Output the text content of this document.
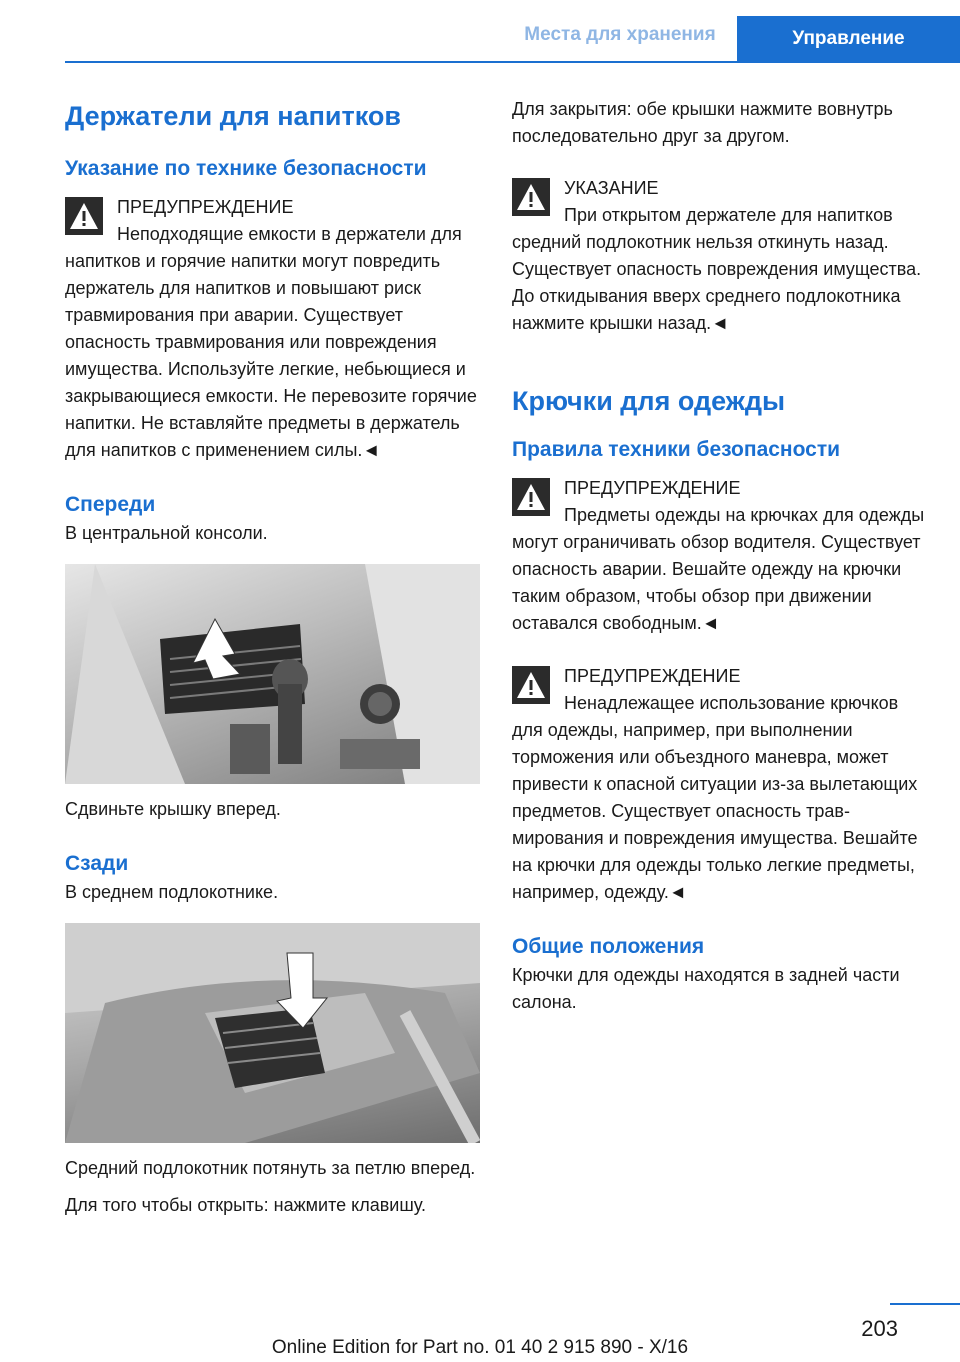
Места для хранения	Управление
Держатели для напитков
Указание по технике безопасности
ПРЕДУПРЕЖДЕНИЕ
Неподходящие емкости в держатели для напитков и горячие напитки могут повредить держатель для напитков и повышают риск травмирования при аварии. Существует опасность травмирования или повреждения имущества. Используйте легкие, небьющиеся и закрывающиеся емкости. Не перевозите горячие напитки. Не вставляйте предметы в держатель для напитков с применением силы.◄
Спереди

В центральной консоли.

Сдвиньте крышку вперед.

Сзади

В среднем подлокотнике.

Средний подлокотник потянуть за петлю вперед.

Для того чтобы открыть: нажмите клавишу.

Для закрытия: обе крышки нажмите вовнутрь последовательно друг за другом.

УКАЗАНИЕ
При открытом держателе для напитков средний подлокотник нельзя откинуть назад. Существует опасность повреждения имущества. До откидывания вверх среднего подлокотника нажмите крышки назад.◄
Крючки для одежды
Правила техники безопасности
ПРЕДУПРЕЖДЕНИЕ
Предметы одежды на крючках для одежды могут ограничивать обзор водителя. Существует опасность аварии. Вешайте одежду на крючки таким образом, чтобы обзор при движении оставался свободным.◄
ПРЕДУПРЕЖДЕНИЕ
Ненадлежащее использование крючков для одежды, например, при выполнении торможения или объездного маневра, может привести к опасной ситуации из-за вылетающих предметов. Существует опасность травмирования и повреждения имущества. Вешайте на крючки для одежды только легкие предметы, например, одежду.◄
Общие положения

Крючки для одежды находятся в задней части салона.

203
Online Edition for Part no. 01 40 2 915 890 - X/16
